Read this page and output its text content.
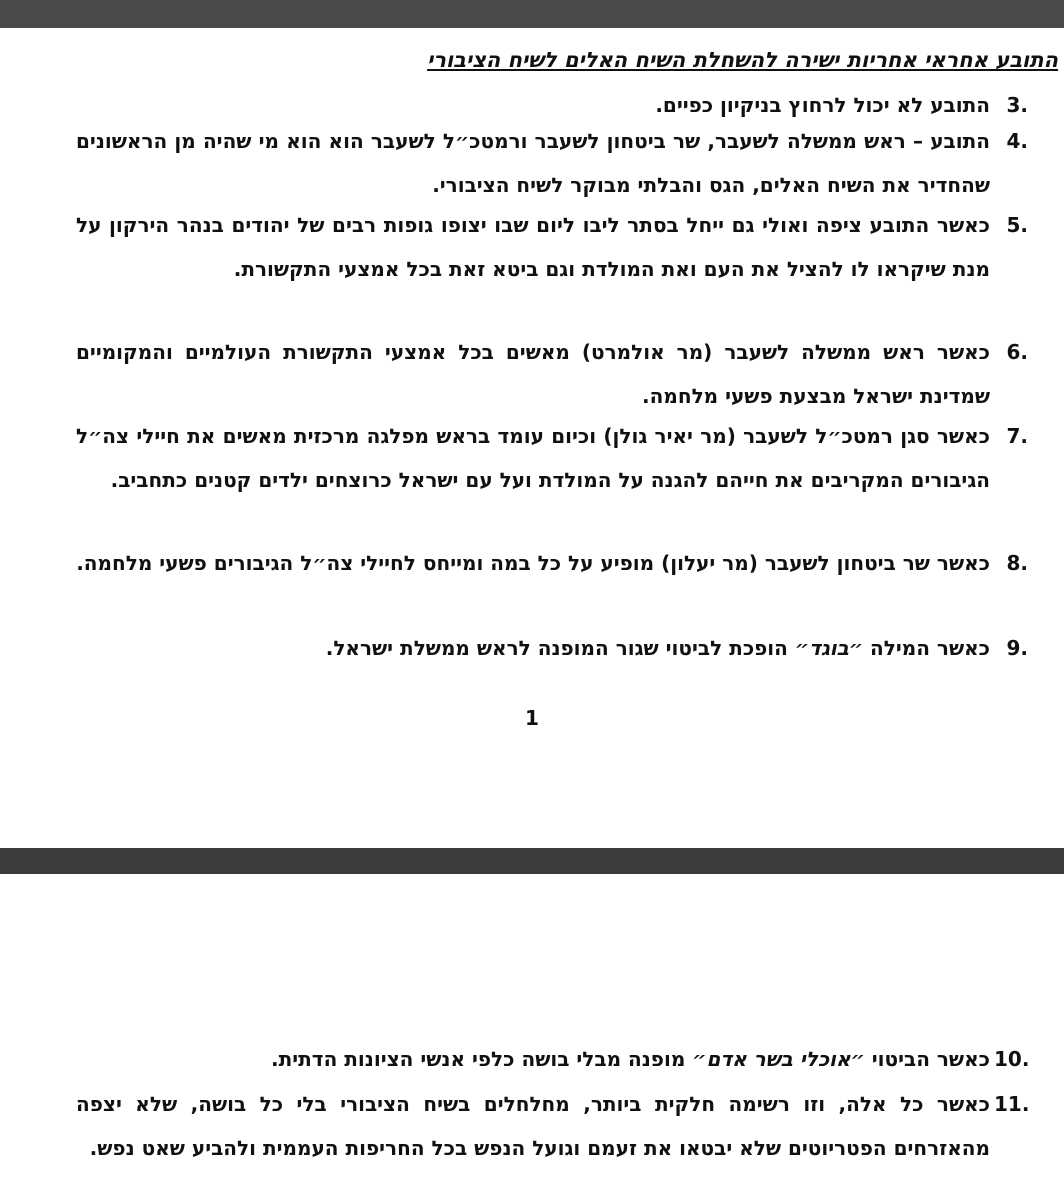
התובע אחראי אחריות ישירה להשחלת השיח האלים לשיח הציבורי
3.
התובע לא יכול לרחוץ בניקיון כפיים.
4.
התובע – ראש ממשלה לשעבר, שר ביטחון לשעבר ורמטכ״ל לשעבר הוא הוא מי שהיה מן הראשונים שהחדיר את השיח האלים, הגס והבלתי מבוקר לשיח הציבורי.
5.
כאשר התובע ציפה ואולי גם ייחל בסתר ליבו ליום שבו יצופו גופות רבים של יהודים בנהר הירקון על מנת שיקראו לו להציל את העם ואת המולדת וגם ביטא זאת בכל אמצעי התקשורת.
6.
כאשר ראש ממשלה לשעבר (מר אולמרט) מאשים בכל אמצעי התקשורת העולמיים והמקומיים שמדינת ישראל מבצעת פשעי מלחמה.
7.
כאשר סגן רמטכ״ל לשעבר (מר יאיר גולן) וכיום עומד בראש מפלגה מרכזית מאשים את חיילי צה״ל הגיבורים המקריבים את חייהם להגנה על המולדת ועל עם ישראל כרוצחים ילדים קטנים כתחביב.
8.
כאשר שר ביטחון לשעבר (מר יעלון) מופיע על כל במה ומייחס לחיילי צה״ל הגיבורים פשעי מלחמה.
9.
כאשר המילה ״בוגד״ הופכת לביטוי שגור המופנה לראש ממשלת ישראל.
1
10.
כאשר הביטוי ״אוכלי בשר אדם״ מופנה מבלי בושה כלפי אנשי הציונות הדתית.
11.
כאשר כל אלה, וזו רשימה חלקית ביותר, מחלחלים בשיח הציבורי בלי כל בושה, שלא יצפה מהאזרחים הפטריוטים שלא יבטאו את זעמם וגועל הנפש בכל החריפות העממית ולהביע שאט נפש.
